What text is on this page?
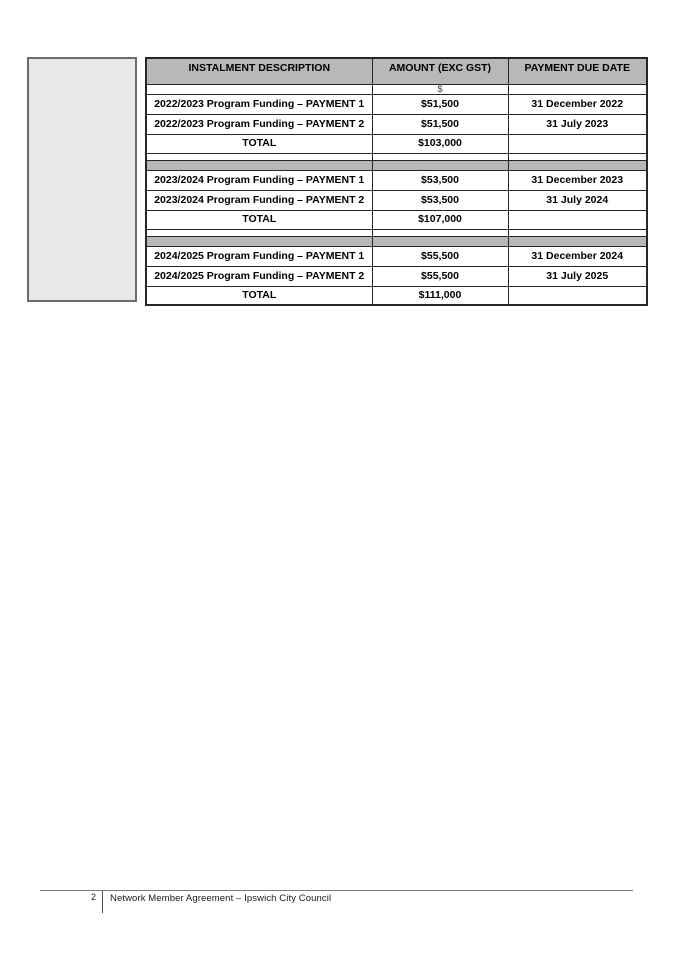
INSTALMENT DESCRIPTION	AMOUNT (EXC GST)	PAYMENT DUE DATE
	$	
2022/2023 Program Funding – PAYMENT 1	$51,500	31 December 2022
2022/2023 Program Funding – PAYMENT 2	$51,500	31 July 2023
TOTAL	$103,000	

2023/2024 Program Funding – PAYMENT 1	$53,500	31 December 2023
2023/2024 Program Funding – PAYMENT 2	$53,500	31 July 2024
TOTAL	$107,000	

2024/2025 Program Funding – PAYMENT 1	$55,500	31 December 2024
2024/2025 Program Funding – PAYMENT 2	$55,500	31 July 2025
TOTAL	$111,000	
2 Network Member Agreement – Ipswich City Council
